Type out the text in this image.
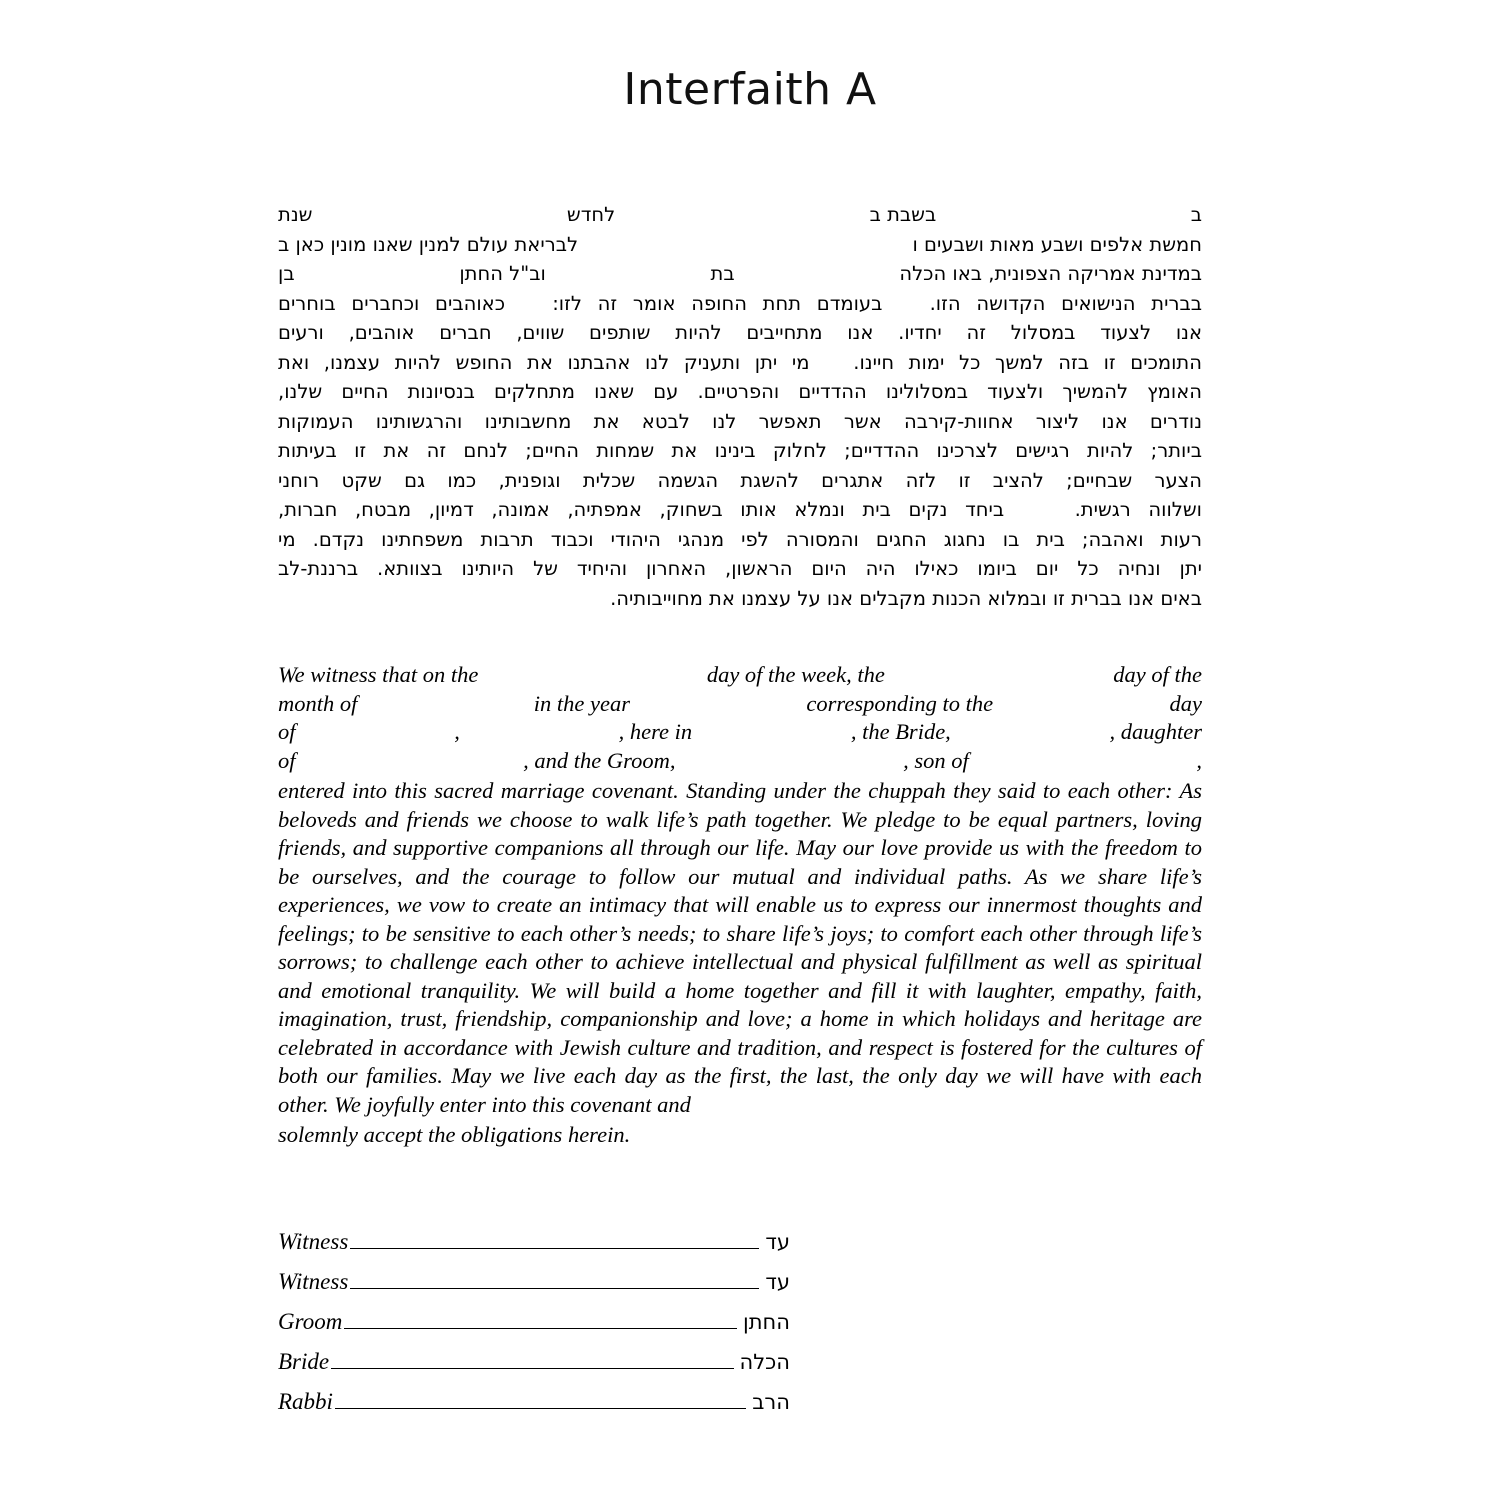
Interfaith A
ב
בשבת ב
לחדש
שנת
חמשת אלפים ושבע מאות ושבעים ו
לבריאת עולם למנין שאנו מונין כאן ב
במדינת אמריקה הצפונית, באו הכלה
בת
וב"ל החתן
בן
בברית הנישואים הקדושה הזו.   בעומדם תחת החופה אומר זה לזו:   כאוהבים וכחברים בוחרים
אנו לצעוד במסלול זה יחדיו. אנו מתחייבים להיות שותפים שווים, חברים אוהבים, ורעים
התומכים זו בזה למשך כל ימות חיינו.   מי יתן ותעניק לנו אהבתנו את החופש להיות עצמנו, ואת
האומץ להמשיך ולצעוד במסלולינו ההדדיים והפרטיים. עם שאנו מתחלקים בנסיונות החיים שלנו,
נודרים אנו ליצור אחוות-קירבה אשר תאפשר לנו לבטא את מחשבותינו והרגשותינו העמוקות
ביותר; להיות רגישים לצרכינו ההדדיים; לחלוק בינינו את שמחות החיים; לנחם זה את זו בעיתות
הצער שבחיים; להציב זו לזה אתגרים להשגת הגשמה שכלית וגופנית, כמו גם שקט רוחני
ושלווה רגשית.    ביחד נקים בית ונמלא אותו בשחוק, אמפתיה, אמונה, דמיון, מבטח, חברות,
רעות ואהבה; בית בו נחגוג החגים והמסורה לפי מנהגי היהודי וכבוד תרבות משפחתינו נקדם. מי
יתן ונחיה כל יום ביומו כאילו היה היום הראשון, האחרון והיחיד של היותינו בצוותא. ברננת-לב
באים אנו בברית זו ובמלוא הכנות מקבלים אנו על עצמנו את מחוייבותיה.
We witness that on the	day of the week, the	day of the
month of	in the year	corresponding to the	day
of	,	, here in	, the Bride,	, daughter
of	, and the Groom,	, son of	,
entered into this sacred marriage covenant. Standing under the chuppah they said to each other: As beloveds and friends we choose to walk life’s path together. We pledge to be equal partners, loving friends, and supportive companions all through our life. May our love provide us with the freedom to be ourselves, and the courage to follow our mutual and individual paths. As we share life’s experiences, we vow to create an intimacy that will enable us to express our innermost thoughts and feelings; to be sensitive to each other’s needs; to share life’s joys; to comfort each other through life’s sorrows; to challenge each other to achieve intellectual and physical fulfillment as well as spiritual and emotional tranquility. We will build a home together and fill it with laughter, empathy, faith, imagination, trust, friendship, companionship and love; a home in which holidays and heritage are celebrated in accordance with Jewish culture and tradition, and respect is fostered for the cultures of both our families. May we live each day as the first, the last, the only day we will have with each other. We joyfully enter into this covenant and
solemnly accept the obligations herein.
Witness	עד
Witness	עד
Groom	החתן
Bride	הכלה
Rabbi	הרב
